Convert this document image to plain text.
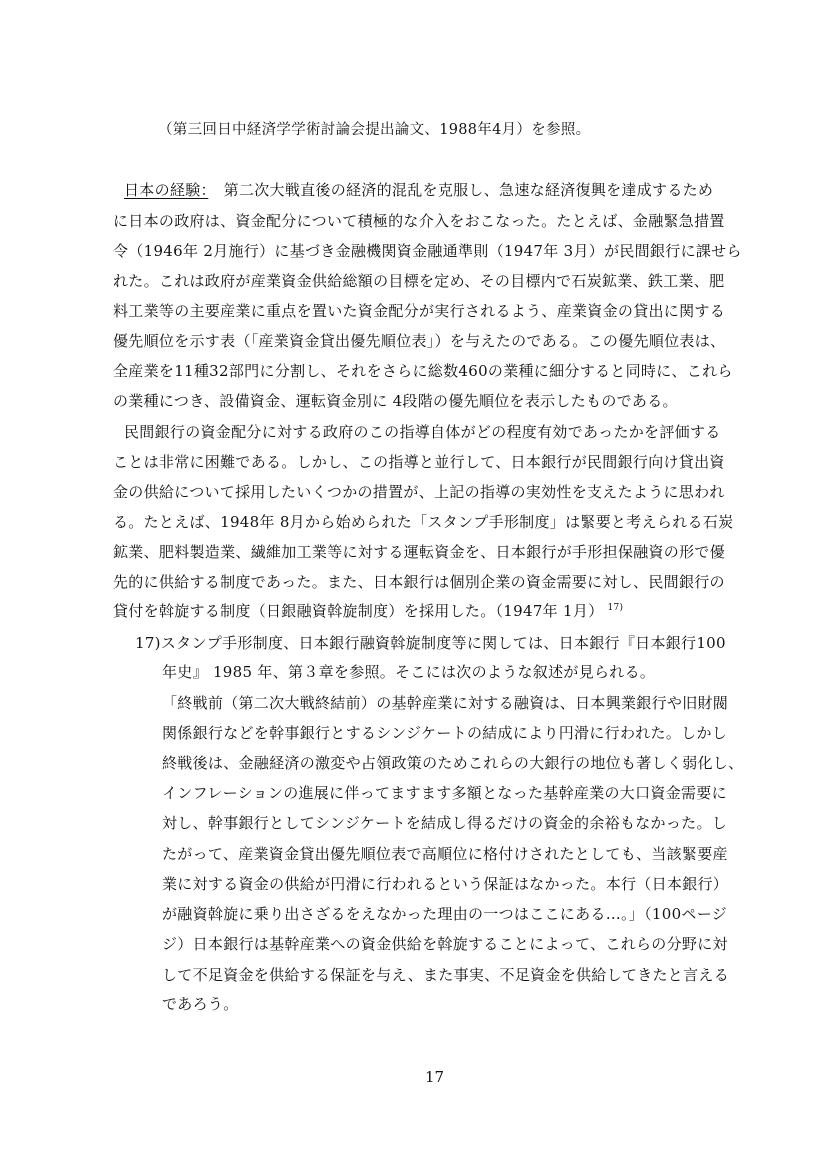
（第三回日中経済学学術討論会提出論文、1988年4月）を参照。
日本の経験：　第二次大戦直後の経済的混乱を克服し、急速な経済復興を達成するため
に日本の政府は、資金配分について積極的な介入をおこなった。たとえば、金融緊急措置
令（1946年 2月施行）に基づき金融機関資金融通準則（1947年 3月）が民間銀行に課せら
れた。これは政府が産業資金供給総額の目標を定め、その目標内で石炭鉱業、鉄工業、肥
料工業等の主要産業に重点を置いた資金配分が実行されるよう、産業資金の貸出に関する
優先順位を示す表（「産業資金貸出優先順位表」）を与えたのである。この優先順位表は、
全産業を11種32部門に分割し、それをさらに総数460の業種に細分すると同時に、これら
の業種につき、設備資金、運転資金別に 4段階の優先順位を表示したものである。
民間銀行の資金配分に対する政府のこの指導自体がどの程度有効であったかを評価する
ことは非常に困難である。しかし、この指導と並行して、日本銀行が民間銀行向け貸出資
金の供給について採用したいくつかの措置が、上記の指導の実効性を支えたように思われ
る。たとえば、1948年 8月から始められた「スタンプ手形制度」は緊要と考えられる石炭
鉱業、肥料製造業、繊維加工業等に対する運転資金を、日本銀行が手形担保融資の形で優
先的に供給する制度であった。また、日本銀行は個別企業の資金需要に対し、民間銀行の
貸付を斡旋する制度（日銀融資斡旋制度）を採用した。（1947年 1月） $^{17)}$
17)スタンプ手形制度、日本銀行融資斡旋制度等に関しては、日本銀行『日本銀行100
年史』 1985 年、第３章を参照。そこには次のような叙述が見られる。
「終戦前（第二次大戦終結前）の基幹産業に対する融資は、日本興業銀行や旧財閥
関係銀行などを幹事銀行とするシンジケートの結成により円滑に行われた。しかし
終戦後は、金融経済の激変や占領政策のためこれらの大銀行の地位も著しく弱化し、
インフレーションの進展に伴ってますます多額となった基幹産業の大口資金需要に
対し、幹事銀行としてシンジケートを結成し得るだけの資金的余裕もなかった。し
たがって、産業資金貸出優先順位表で高順位に格付けされたとしても、当該緊要産
業に対する資金の供給が円滑に行われるという保証はなかった。本行（日本銀行）
が融資斡旋に乗り出さざるをえなかった理由の一つはここにある…。」（100ページ
ジ）日本銀行は基幹産業への資金供給を斡旋することによって、これらの分野に対
して不足資金を供給する保証を与え、また事実、不足資金を供給してきたと言える
であろう。
17
